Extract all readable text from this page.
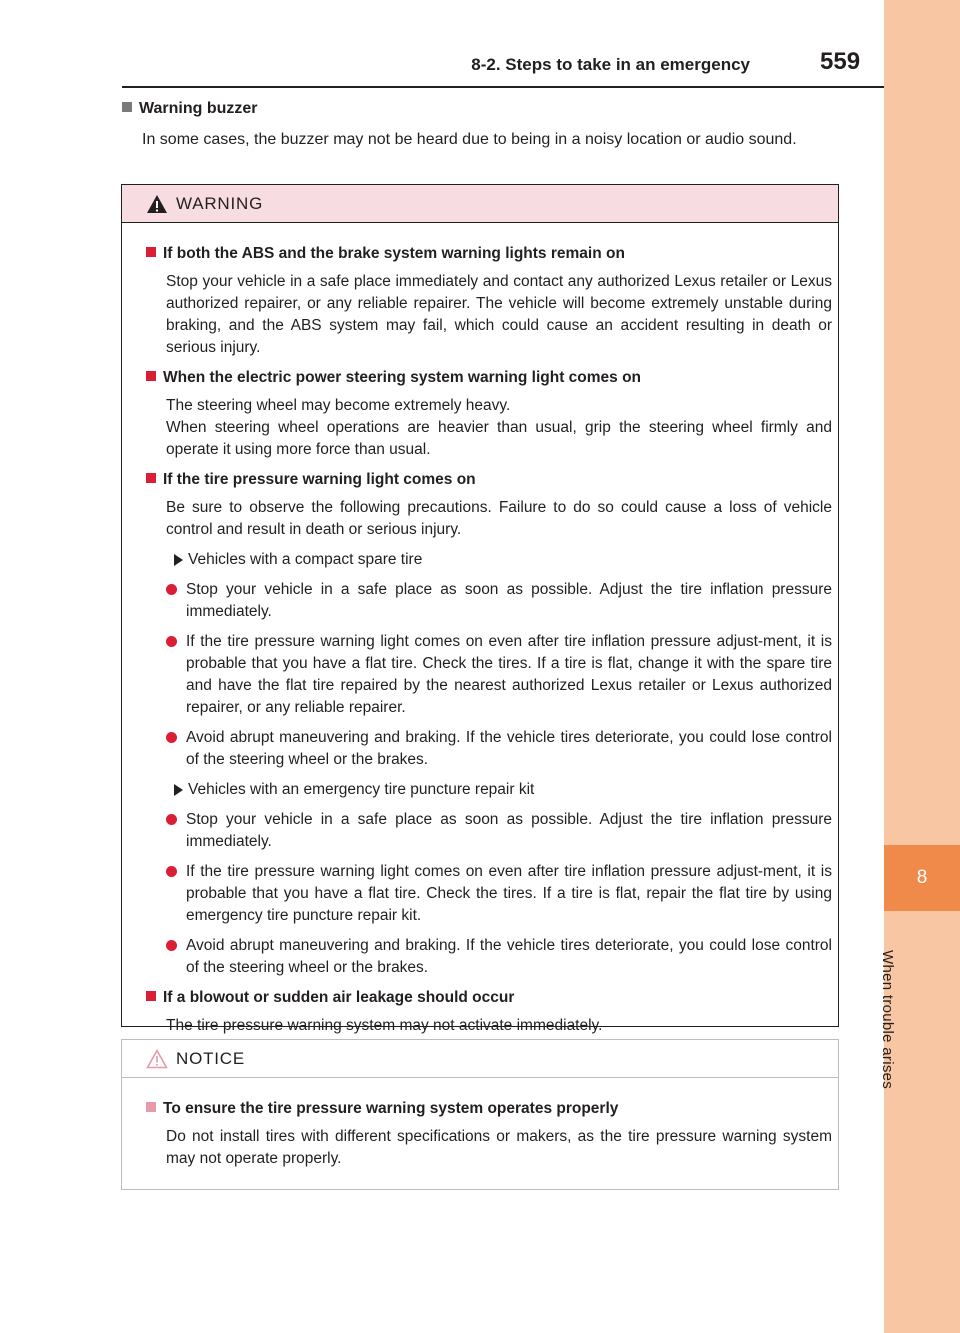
8
When trouble arises
8-2. Steps to take in an emergency	559
Warning buzzer
In some cases, the buzzer may not be heard due to being in a noisy location or audio sound.
WARNING
If both the ABS and the brake system warning lights remain on
Stop your vehicle in a safe place immediately and contact any authorized Lexus retailer or Lexus authorized repairer, or any reliable repairer. The vehicle will become extremely unstable during braking, and the ABS system may fail, which could cause an accident resulting in death or serious injury.
When the electric power steering system warning light comes on
The steering wheel may become extremely heavy.
When steering wheel operations are heavier than usual, grip the steering wheel firmly and operate it using more force than usual.
If the tire pressure warning light comes on
Be sure to observe the following precautions. Failure to do so could cause a loss of vehicle control and result in death or serious injury.
Vehicles with a compact spare tire
Stop your vehicle in a safe place as soon as possible. Adjust the tire inflation pressure immediately.
If the tire pressure warning light comes on even after tire inflation pressure adjust-ment, it is probable that you have a flat tire. Check the tires. If a tire is flat, change it with the spare tire and have the flat tire repaired by the nearest authorized Lexus retailer or Lexus authorized repairer, or any reliable repairer.
Avoid abrupt maneuvering and braking. If the vehicle tires deteriorate, you could lose control of the steering wheel or the brakes.
Vehicles with an emergency tire puncture repair kit
Stop your vehicle in a safe place as soon as possible. Adjust the tire inflation pressure immediately.
If the tire pressure warning light comes on even after tire inflation pressure adjust-ment, it is probable that you have a flat tire. Check the tires. If a tire is flat, repair the flat tire by using emergency tire puncture repair kit.
Avoid abrupt maneuvering and braking. If the vehicle tires deteriorate, you could lose control of the steering wheel or the brakes.
If a blowout or sudden air leakage should occur
The tire pressure warning system may not activate immediately.
NOTICE
To ensure the tire pressure warning system operates properly
Do not install tires with different specifications or makers, as the tire pressure warning system may not operate properly.
